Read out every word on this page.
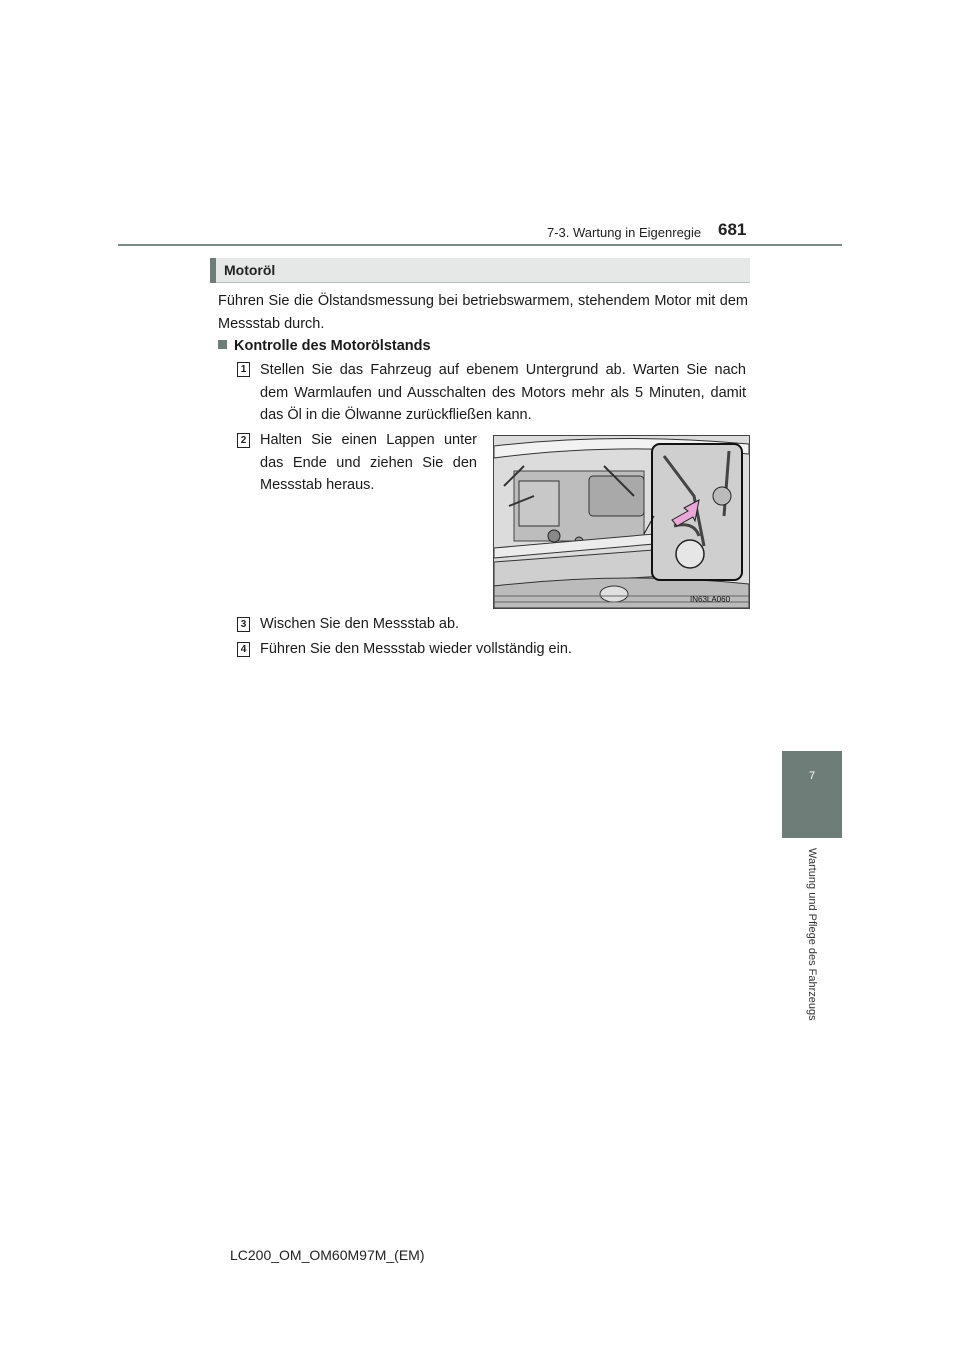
7-3. Wartung in Eigenregie 681
7
Wartung und Pflege des Fahrzeugs
Motoröl
Führen Sie die Ölstandsmessung bei betriebswarmem, stehendem Motor mit dem Messstab durch.
Kontrolle des Motorölstands
1 Stellen Sie das Fahrzeug auf ebenem Untergrund ab. Warten Sie nach dem Warmlaufen und Ausschalten des Motors mehr als 5 Minuten, damit das Öl in die Ölwanne zurückfließen kann.
2 Halten Sie einen Lappen unter das Ende und ziehen Sie den Messstab heraus.
IN63LA060
3 Wischen Sie den Messstab ab.
4 Führen Sie den Messstab wieder vollständig ein.
LC200_OM_OM60M97M_(EM)
